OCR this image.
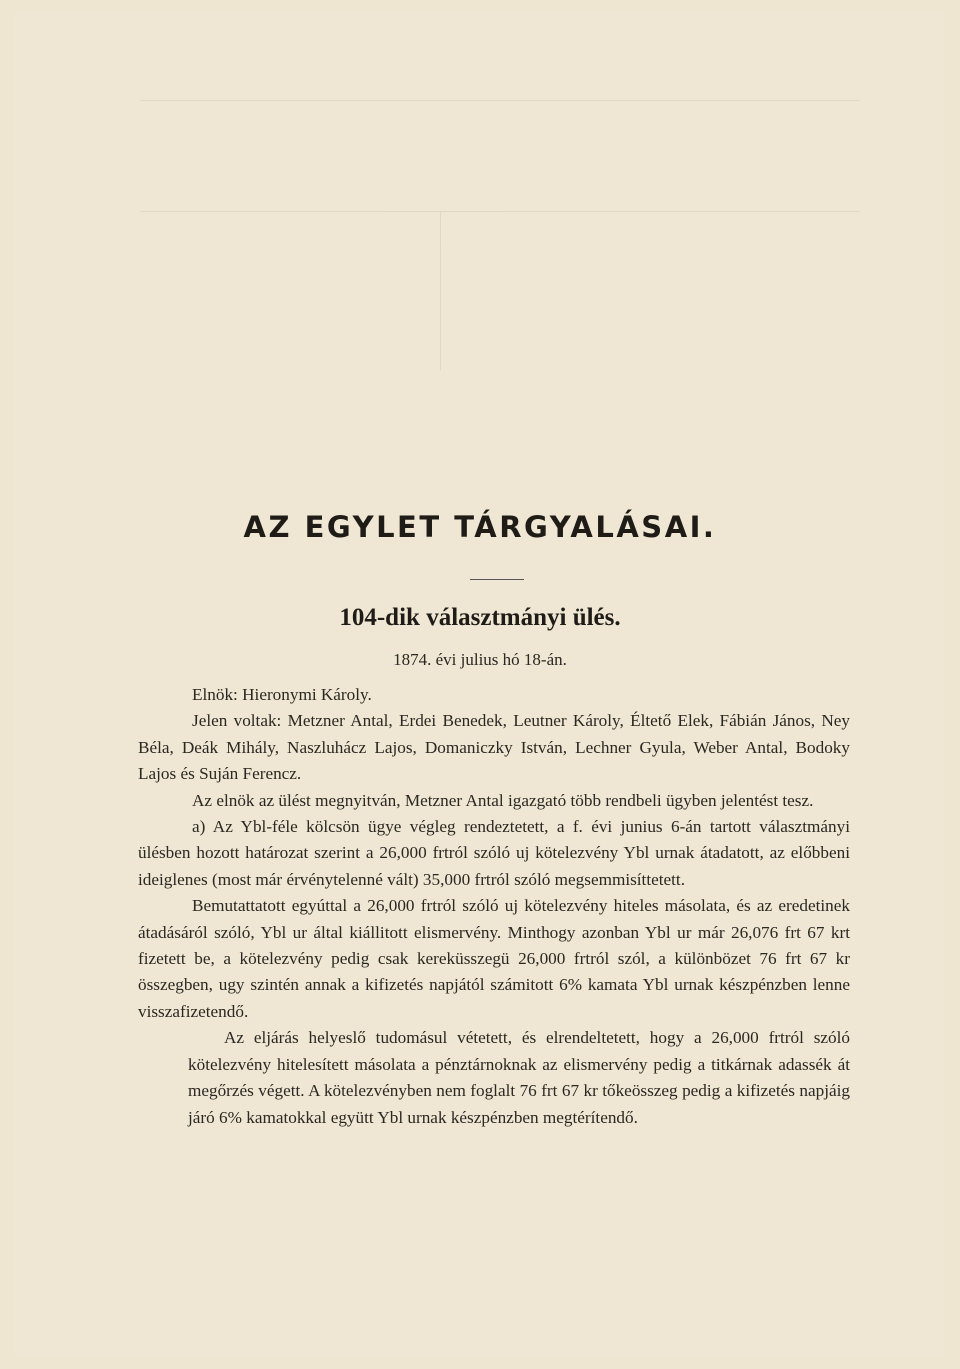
AZ EGYLET TÁRGYALÁSAI.
104-dik választmányi ülés.
1874. évi julius hó 18-án.

Elnök: Hieronymi Károly.

Jelen voltak: Metzner Antal, Erdei Benedek, Leutner Károly, Éltető Elek, Fábián János, Ney Béla, Deák Mihály, Naszluhácz Lajos, Domaniczky István, Lechner Gyula, Weber Antal, Bodoky Lajos és Suján Ferencz.

Az elnök az ülést megnyitván, Metzner Antal igazgató több rendbeli ügyben jelentést tesz.

a) Az Ybl-féle kölcsön ügye végleg rendeztetett, a f. évi junius 6-án tartott választmányi ülésben hozott határozat szerint a 26,000 frtról szóló uj kötelezvény Ybl urnak átadatott, az előbbeni ideiglenes (most már érvénytelenné vált) 35,000 frtról szóló megsemmisíttetett.

Bemutattatott egyúttal a 26,000 frtról szóló uj kötelezvény hiteles másolata, és az eredetinek átadásáról szóló, Ybl ur által kiállitott elismervény. Minthogy azonban Ybl ur már 26,076 frt 67 krt fizetett be, a kötelezvény pedig csak kereküsszegü 26,000 frtról szól, a különbözet 76 frt 67 kr összegben, ugy szintén annak a kifizetés napjától számitott 6% kamata Ybl urnak készpénzben lenne visszafizetendő.

Az eljárás helyeslő tudomásul vétetett, és elrendeltetett, hogy a 26,000 frtról szóló kötelezvény hitelesített másolata a pénztárnoknak az elismervény pedig a titkárnak adassék át megőrzés végett. A kötelezvényben nem foglalt 76 frt 67 kr tőkeösszeg pedig a kifizetés napjáig járó 6% kamatokkal együtt Ybl urnak készpénzben megtérítendő.
